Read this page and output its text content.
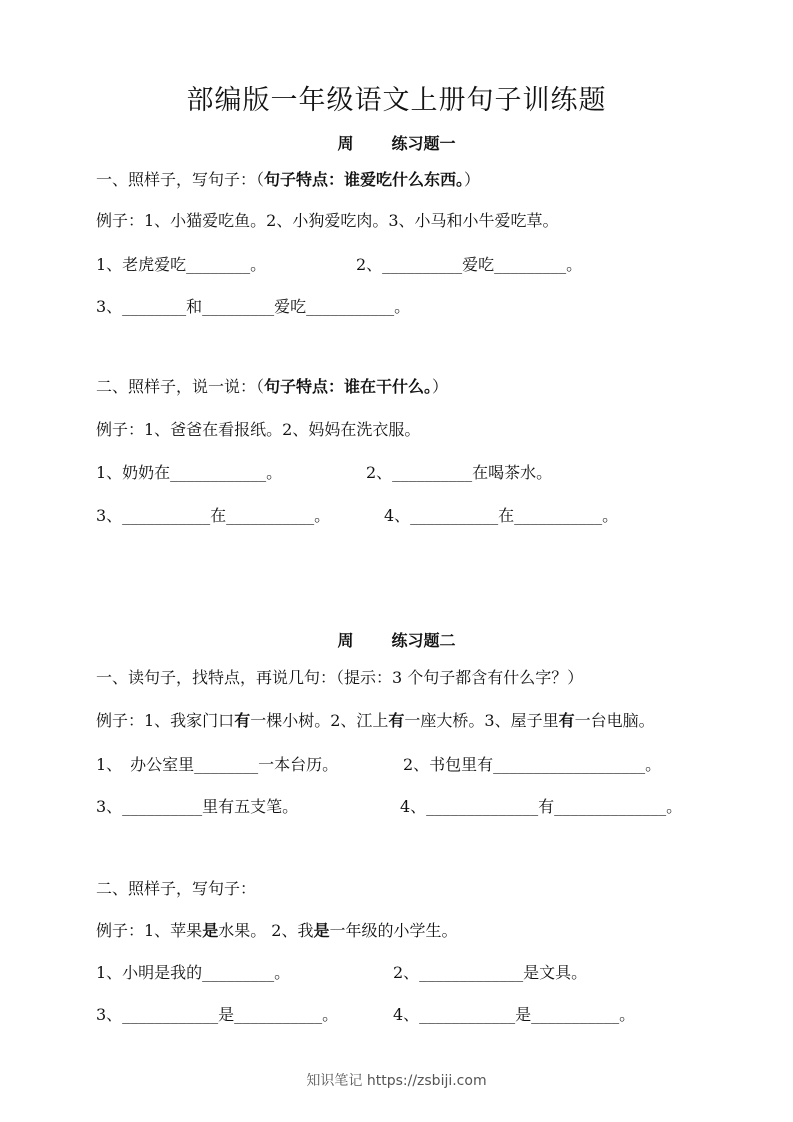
部编版一年级语文上册句子训练题
周 练习题一
一、照样子，写句子：（句子特点：谁爱吃什么东西。）
例子：1、小猫爱吃鱼。2、小狗爱吃肉。3、小马和小牛爱吃草。
1、老虎爱吃________。	2、__________爱吃_________。
3、________和_________爱吃___________。
二、照样子，说一说：（句子特点：谁在干什么。）
例子：1、爸爸在看报纸。2、妈妈在洗衣服。
1、奶奶在____________。	2、__________在喝茶水。
3、___________在___________。	4、___________在___________。
周 练习题二
一、读句子，找特点，再说几句：（提示：3 个句子都含有什么字？）
例子：1、我家门口有一棵小树。2、江上有一座大桥。3、屋子里有一台电脑。
1、　办公室里________一本台历。	2、书包里有___________________。
3、__________里有五支笔。	4、______________有______________。
二、照样子，写句子：
例子：1、苹果是水果。 2、我是一年级的小学生。
1、小明是我的_________。	2、_____________是文具。
3、____________是___________。	4、____________是___________。
知识笔记 https://zsbiji.com
